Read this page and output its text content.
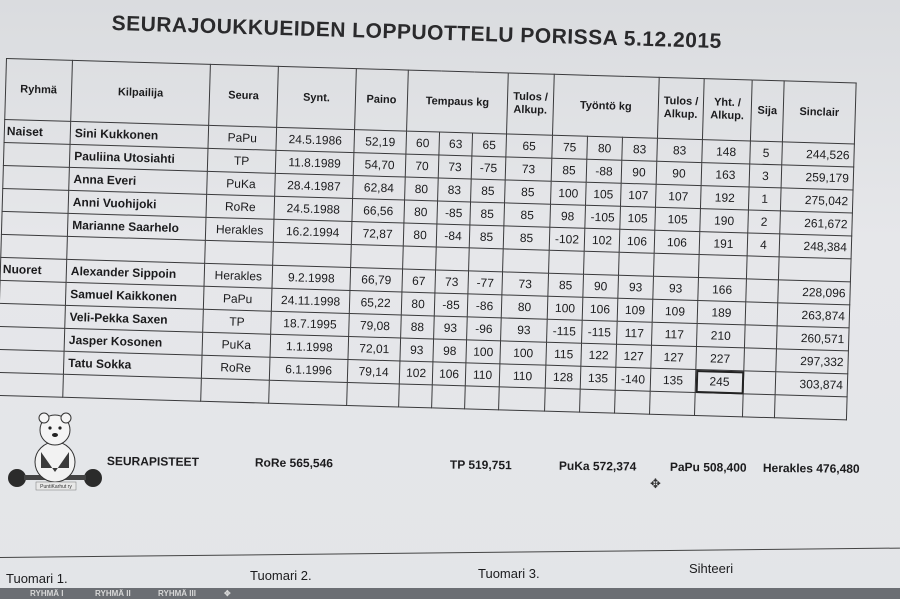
SEURAJOUKKUEIDEN LOPPUOTTELU PORISSA 5.12.2015
Ryhmä	Kilpailija	Seura	Synt.	Paino	Tempaus kg			Tulos / Alkup.	Työntö kg			Tulos / Alkup.	Yht. / Alkup.	Sija	Sinclair
Naiset	Sini Kukkonen	PaPu	24.5.1986	52,19	60	63	65	65	75	80	83	83	148	5	244,526
	Pauliina Utosiahti	TP	11.8.1989	54,70	70	73	-75	73	85	-88	90	90	163	3	259,179
	Anna Everi	PuKa	28.4.1987	62,84	80	83	85	85	100	105	107	107	192	1	275,042
	Anni Vuohijoki	RoRe	24.5.1988	66,56	80	-85	85	85	98	-105	105	105	190	2	261,672
	Marianne Saarhelo	Herakles	16.2.1994	72,87	80	-84	85	85	-102	102	106	106	191	4	248,384

Nuoret	Alexander Sippoin	Herakles	9.2.1998	66,79	67	73	-77	73	85	90	93	93	166		228,096
	Samuel Kaikkonen	PaPu	24.11.1998	65,22	80	-85	-86	80	100	106	109	109	189		263,874
	Veli-Pekka Saxen	TP	18.7.1995	79,08	88	93	-96	93	-115	-115	117	117	210		260,571
	Jasper Kosonen	PuKa	1.1.1998	72,01	93	98	100	100	115	122	127	127	227		297,332
	Tatu Sokka	RoRe	6.1.1996	79,14	102	106	110	110	128	135	-140	135	245		303,874

PuntiKarhut ry
SEURAPISTEET	RoRe 565,546	TP 519,751	PuKa 572,374	PaPu 508,400 Herakles 476,480
✥
Tuomari 1.	Tuomari 2.	Tuomari 3.	Sihteeri
RYHMÄ I	RYHMÄ II	RYHMÄ III	✥
